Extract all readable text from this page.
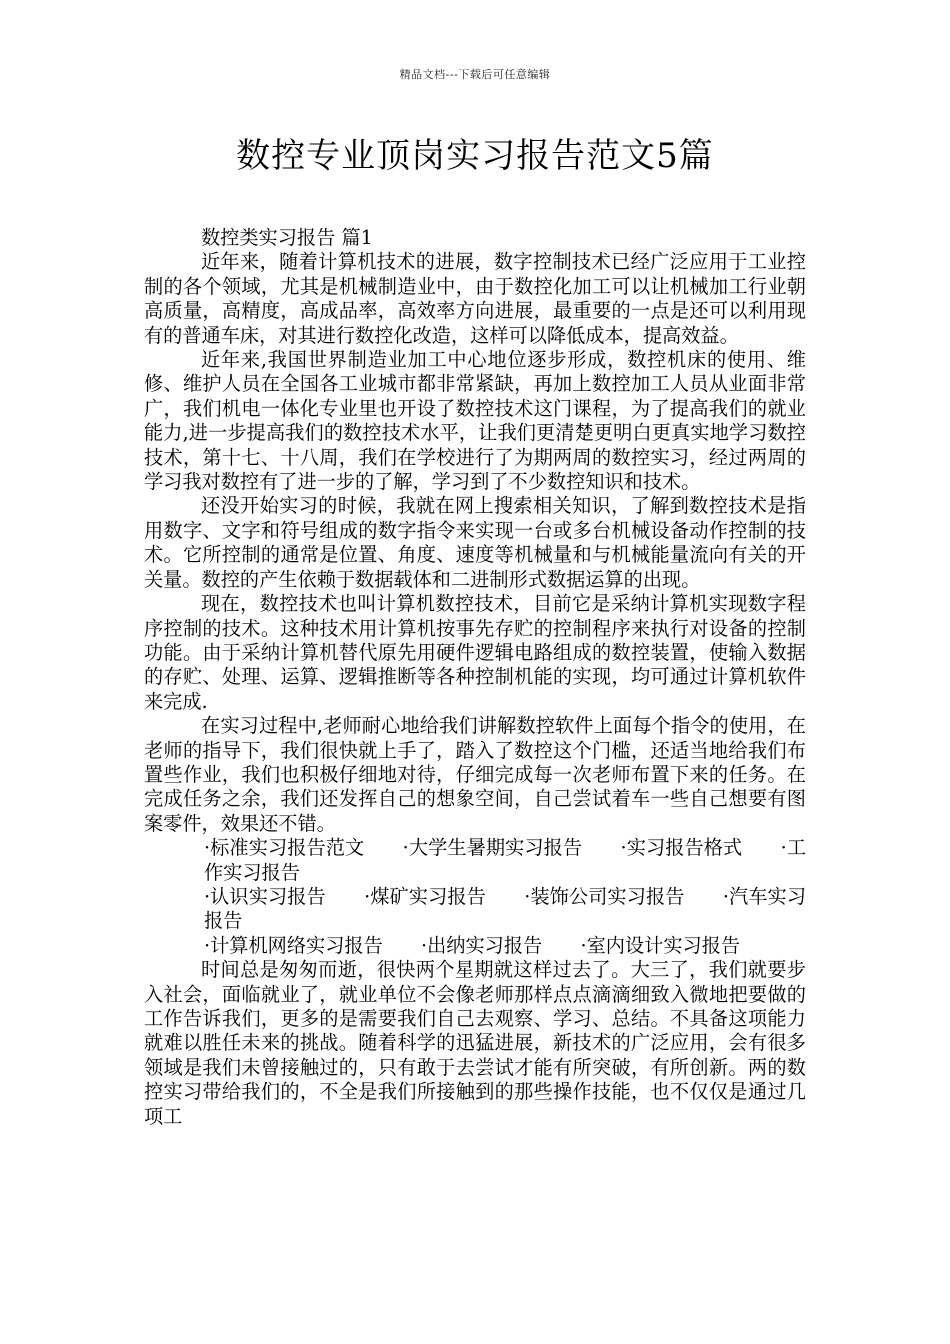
精品文档---下载后可任意编辑
数控专业顶岗实习报告范文5篇

数控类实习报告 篇1

近年来，随着计算机技术的进展，数字控制技术已经广泛应用于工业控制的各个领域，尤其是机械制造业中，由于数控化加工可以让机械加工行业朝高质量，高精度，高成品率，高效率方向进展，最重要的一点是还可以利用现有的普通车床，对其进行数控化改造，这样可以降低成本，提高效益。

近年来,我国世界制造业加工中心地位逐步形成，数控机床的使用、维修、维护人员在全国各工业城市都非常紧缺，再加上数控加工人员从业面非常广，我们机电一体化专业里也开设了数控技术这门课程，为了提高我们的就业能力,进一步提高我们的数控技术水平，让我们更清楚更明白更真实地学习数控技术，第十七、十八周，我们在学校进行了为期两周的数控实习，经过两周的学习我对数控有了进一步的了解，学习到了不少数控知识和技术。

还没开始实习的时候，我就在网上搜索相关知识，了解到数控技术是指用数字、文字和符号组成的数字指令来实现一台或多台机械设备动作控制的技术。它所控制的通常是位置、角度、速度等机械量和与机械能量流向有关的开关量。数控的产生依赖于数据载体和二进制形式数据运算的出现。

现在，数控技术也叫计算机数控技术，目前它是采纳计算机实现数字程序控制的技术。这种技术用计算机按事先存贮的控制程序来执行对设备的控制功能。由于采纳计算机替代原先用硬件逻辑电路组成的数控装置，使输入数据的存贮、处理、运算、逻辑推断等各种控制机能的实现，均可通过计算机软件来完成.

在实习过程中,老师耐心地给我们讲解数控软件上面每个指令的使用，在老师的指导下，我们很快就上手了，踏入了数控这个门槛，还适当地给我们布置些作业，我们也积极仔细地对待，仔细完成每一次老师布置下来的任务。在完成任务之余，我们还发挥自己的想象空间，自己尝试着车一些自己想要有图案零件，效果还不错。

·标准实习报告范文 ·大学生暑期实习报告 ·实习报告格式 ·工作实习报告

·认识实习报告 ·煤矿实习报告 ·装饰公司实习报告 ·汽车实习报告

·计算机网络实习报告 ·出纳实习报告 ·室内设计实习报告

时间总是匆匆而逝，很快两个星期就这样过去了。大三了，我们就要步入社会，面临就业了，就业单位不会像老师那样点点滴滴细致入微地把要做的工作告诉我们，更多的是需要我们自己去观察、学习、总结。不具备这项能力就难以胜任未来的挑战。随着科学的迅猛进展，新技术的广泛应用，会有很多领域是我们未曾接触过的，只有敢于去尝试才能有所突破，有所创新。两的数控实习带给我们的，不全是我们所接触到的那些操作技能，也不仅仅是通过几项工
